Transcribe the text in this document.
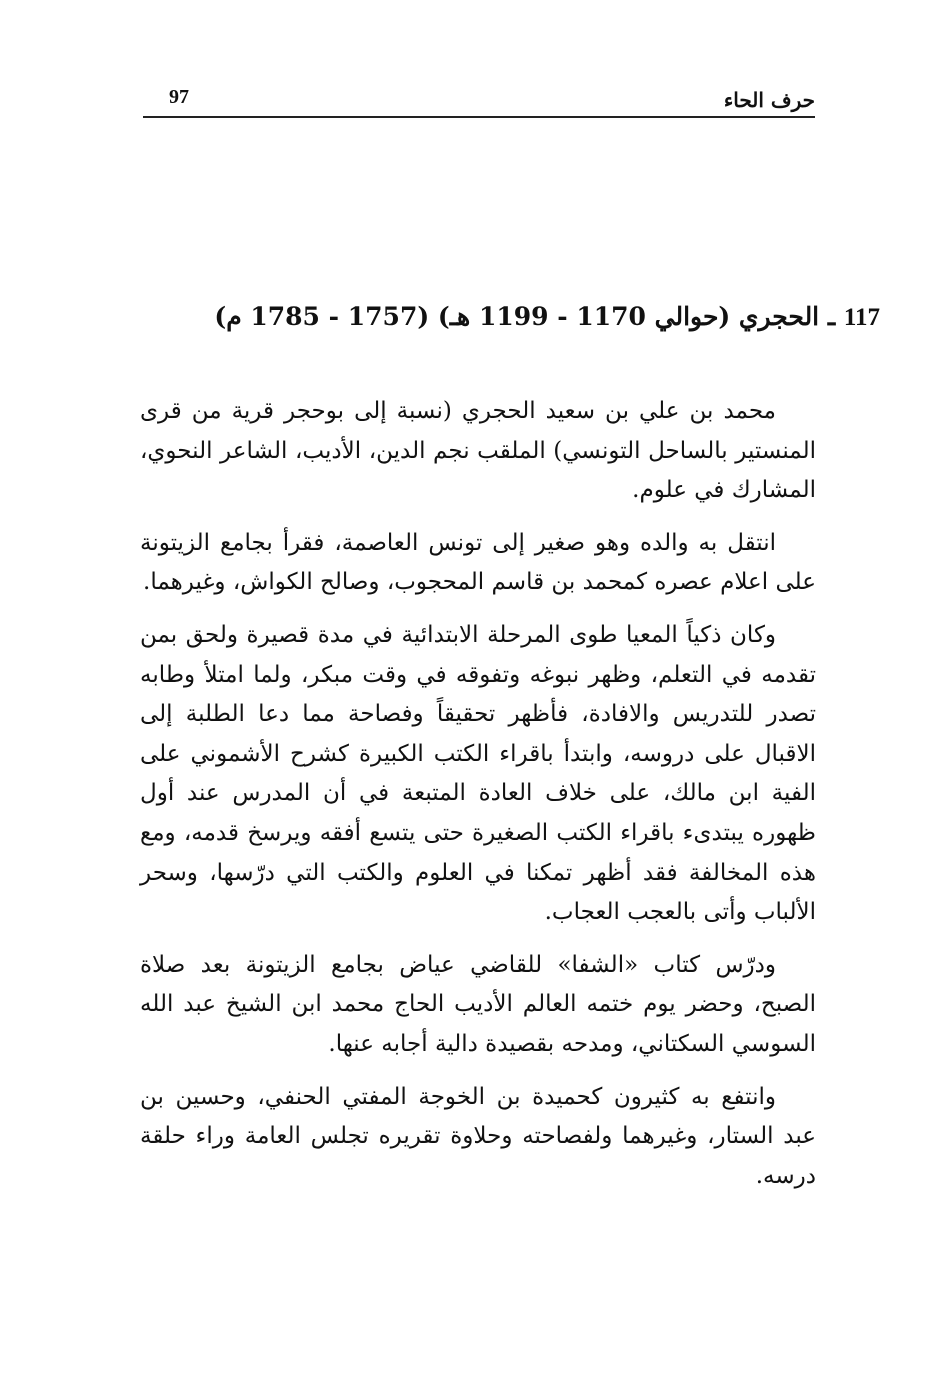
حرف الحاء
97
117 ـ الحجري (حوالي 1170 - 1199 هـ) (1757 - 1785 م)

محمد بن علي بن سعيد الحجري (نسبة إلى بوحجر قرية من قرى المنستير بالساحل التونسي) الملقب نجم الدين، الأديب، الشاعر النحوي، المشارك في علوم.

انتقل به والده وهو صغير إلى تونس العاصمة، فقرأ بجامع الزيتونة على اعلام عصره كمحمد بن قاسم المحجوب، وصالح الكواش، وغيرهما.

وكان ذكياً المعيا طوى المرحلة الابتدائية في مدة قصيرة ولحق بمن تقدمه في التعلم، وظهر نبوغه وتفوقه في وقت مبكر، ولما امتلأ وطابه تصدر للتدريس والافادة، فأظهر تحقيقاً وفصاحة مما دعا الطلبة إلى الاقبال على دروسه، وابتدأ باقراء الكتب الكبيرة كشرح الأشموني على الفية ابن مالك، على خلاف العادة المتبعة في أن المدرس عند أول ظهوره يبتدىء باقراء الكتب الصغيرة حتى يتسع أفقه ويرسخ قدمه، ومع هذه المخالفة فقد أظهر تمكنا في العلوم والكتب التي درّسها، وسحر الألباب وأتى بالعجب العجاب.

ودرّس كتاب «الشفا» للقاضي عياض بجامع الزيتونة بعد صلاة الصبح، وحضر يوم ختمه العالم الأديب الحاج محمد ابن الشيخ عبد الله السوسي السكتاني، ومدحه بقصيدة دالية أجابه عنها.

وانتفع به كثيرون كحميدة بن الخوجة المفتي الحنفي، وحسين بن عبد الستار، وغيرهما ولفصاحته وحلاوة تقريره تجلس العامة وراء حلقة درسه.
